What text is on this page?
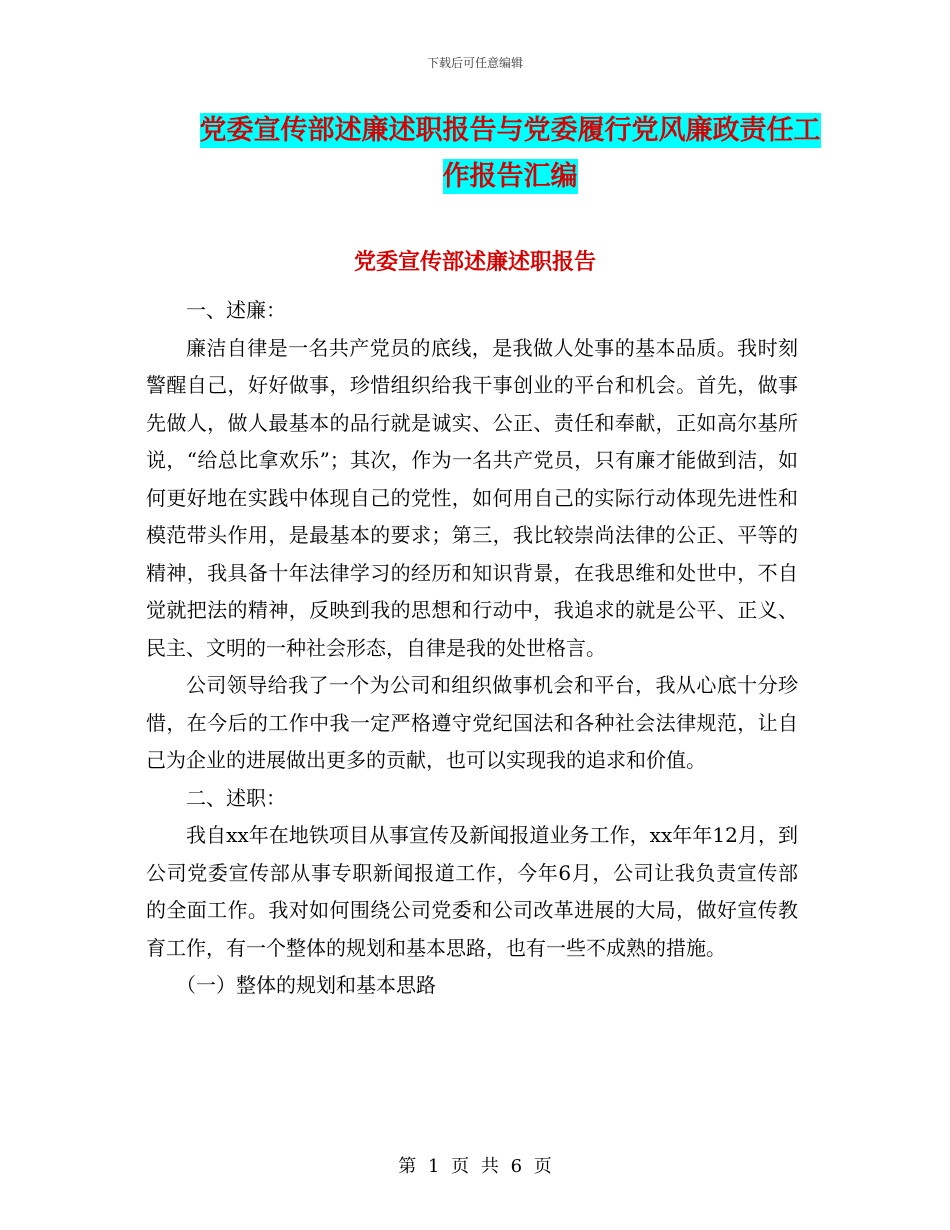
下载后可任意编辑
党委宣传部述廉述职报告与党委履行党风廉政责任工作报告汇编
党委宣传部述廉述职报告

一、述廉：

廉洁自律是一名共产党员的底线，是我做人处事的基本品质。我时刻警醒自己，好好做事，珍惜组织给我干事创业的平台和机会。首先，做事先做人，做人最基本的品行就是诚实、公正、责任和奉献，正如高尔基所说，“给总比拿欢乐”；其次，作为一名共产党员，只有廉才能做到洁，如何更好地在实践中体现自己的党性，如何用自己的实际行动体现先进性和模范带头作用，是最基本的要求；第三，我比较崇尚法律的公正、平等的精神，我具备十年法律学习的经历和知识背景，在我思维和处世中，不自觉就把法的精神，反映到我的思想和行动中，我追求的就是公平、正义、民主、文明的一种社会形态，自律是我的处世格言。

公司领导给我了一个为公司和组织做事机会和平台，我从心底十分珍惜，在今后的工作中我一定严格遵守党纪国法和各种社会法律规范，让自己为企业的进展做出更多的贡献，也可以实现我的追求和价值。

二、述职：

我自xx年在地铁项目从事宣传及新闻报道业务工作，xx年年12月，到公司党委宣传部从事专职新闻报道工作，今年6月，公司让我负责宣传部的全面工作。我对如何围绕公司党委和公司改革进展的大局，做好宣传教育工作，有一个整体的规划和基本思路，也有一些不成熟的措施。

（一）整体的规划和基本思路

第 1 页 共 6 页
